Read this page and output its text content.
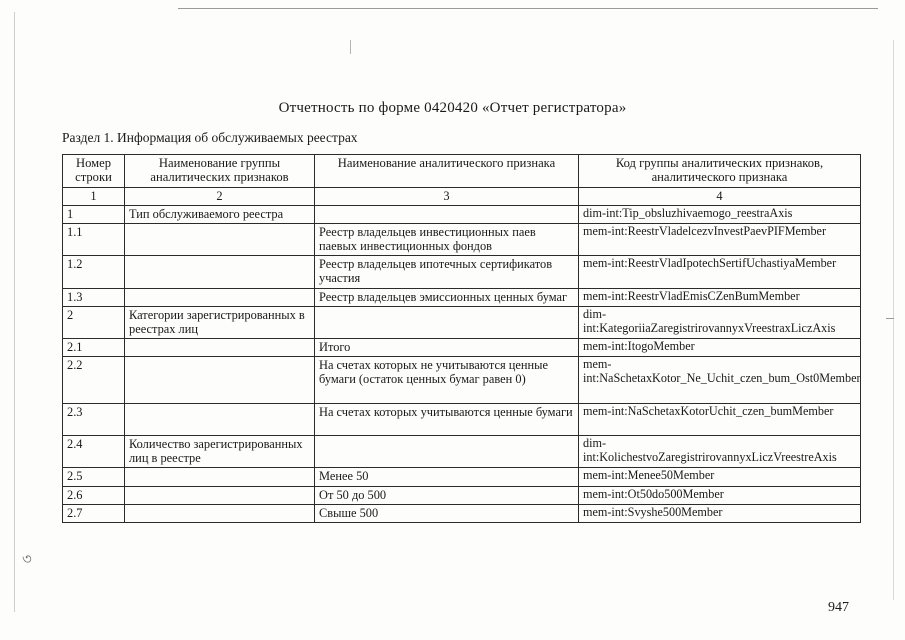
Отчетность по форме 0420420 «Отчет регистратора»
Раздел 1. Информация об обслуживаемых реестрах
Номер строки	Наименование группы аналитических признаков	Наименование аналитического признака	Код группы аналитических признаков, аналитического признака
1	2	3	4
1	Тип обслуживаемого реестра		dim-int:Tip_obsluzhivaemogo_reestraAxis
1.1		Реестр владельцев инвестиционных паев паевых инвестиционных фондов	mem-int:ReestrVladelcezvInvestPaevPIFMember
1.2		Реестр владельцев ипотечных сертификатов участия	mem-int:ReestrVladIpotechSertifUchastiyaMember
1.3		Реестр владельцев эмиссионных ценных бумаг	mem-int:ReestrVladEmisCZenBumMember
2	Категории зарегистрированных в реестрах лиц		dim-int:KategoriiaZaregistrirovannyxVreestraxLiczAxis
2.1		Итого	mem-int:ItogoMember
2.2		На счетах которых не учитываются ценные бумаги (остаток ценных бумаг равен 0)	mem-int:NaSchetaxKotor_Ne_Uchit_czen_bum_Ost0Member
2.3		На счетах которых учитываются ценные бумаги	mem-int:NaSchetaxKotorUchit_czen_bumMember
2.4	Количество зарегистрированных лиц в реестре		dim-int:KolichestvoZaregistrirovannyxLiczVreestreAxis
2.5		Менее 50	mem-int:Menee50Member
2.6		От 50 до 500	mem-int:Ot50do500Member
2.7		Свыше 500	mem-int:Svyshe500Member
947
৩
